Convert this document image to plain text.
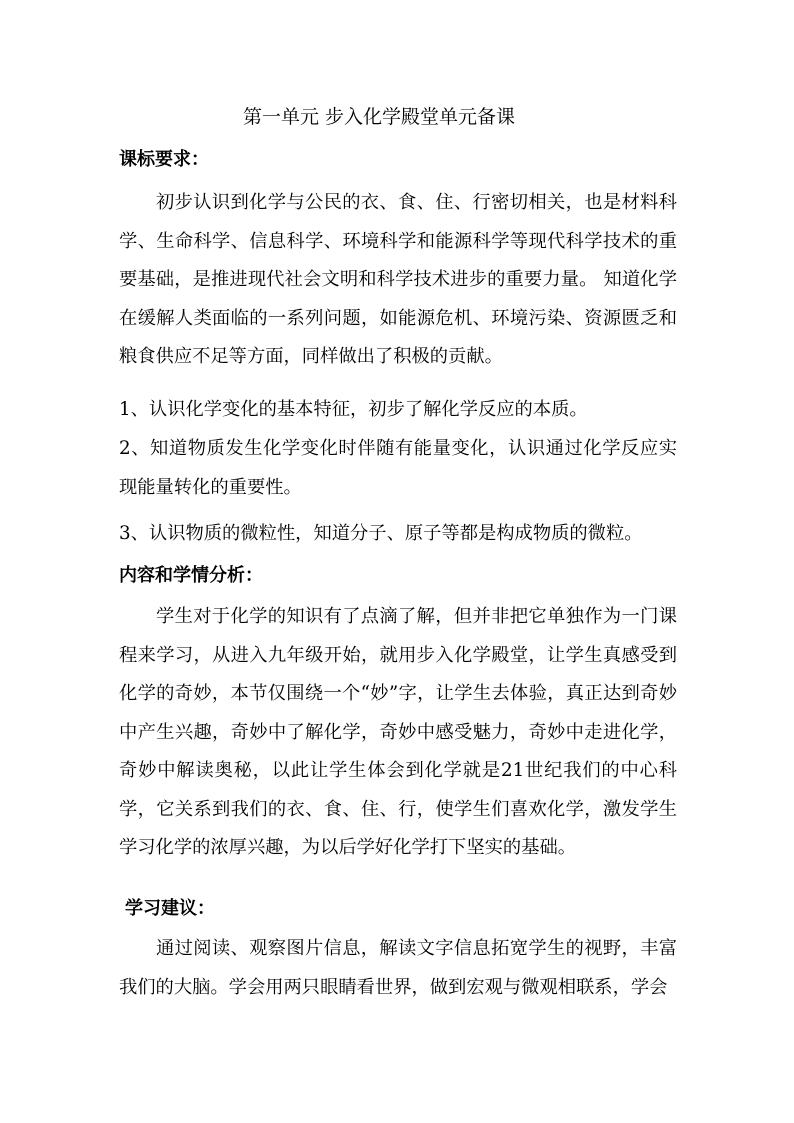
第一单元 步入化学殿堂单元备课
课标要求：
初步认识到化学与公民的衣、食、住、行密切相关，也是材料科学、生命科学、信息科学、环境科学和能源科学等现代科学技术的重要基础，是推进现代社会文明和科学技术进步的重要力量。 知道化学在缓解人类面临的一系列问题，如能源危机、环境污染、资源匮乏和粮食供应不足等方面，同样做出了积极的贡献。
1、认识化学变化的基本特征，初步了解化学反应的本质。
2、知道物质发生化学变化时伴随有能量变化，认识通过化学反应实现能量转化的重要性。
3、认识物质的微粒性，知道分子、原子等都是构成物质的微粒。
内容和学情分析：
学生对于化学的知识有了点滴了解，但并非把它单独作为一门课程来学习，从进入九年级开始，就用步入化学殿堂，让学生真感受到化学的奇妙，本节仅围绕一个“妙”字，让学生去体验，真正达到奇妙中产生兴趣，奇妙中了解化学，奇妙中感受魅力，奇妙中走进化学，奇妙中解读奥秘，以此让学生体会到化学就是21世纪我们的中心科学，它关系到我们的衣、食、住、行，使学生们喜欢化学，激发学生学习化学的浓厚兴趣，为以后学好化学打下坚实的基础。
学习建议：
通过阅读、观察图片信息，解读文字信息拓宽学生的视野，丰富我们的大脑。学会用两只眼睛看世界，做到宏观与微观相联系，学会
